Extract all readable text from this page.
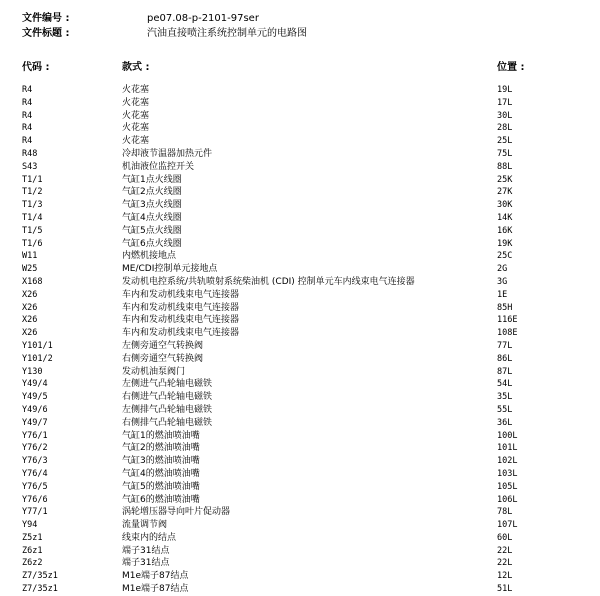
文件编号 :	pe07.08-p-2101-97ser
文件标题 :	汽油直接喷注系统控制单元的电路图
代码 :	款式 :	位置 :
R4	火花塞	19L
R4	火花塞	17L
R4	火花塞	30L
R4	火花塞	28L
R4	火花塞	25L
R48	冷却液节温器加热元件	75L
S43	机油液位监控开关	88L
T1/1	气缸1点火线圈	25K
T1/2	气缸2点火线圈	27K
T1/3	气缸3点火线圈	30K
T1/4	气缸4点火线圈	14K
T1/5	气缸5点火线圈	16K
T1/6	气缸6点火线圈	19K
W11	内燃机接地点	25C
W25	ME/CDI控制单元接地点	2G
X168	发动机电控系统/共轨喷射系统柴油机 (CDI) 控制单元车内线束电气连接器	3G
X26	车内和发动机线束电气连接器	1E
X26	车内和发动机线束电气连接器	85H
X26	车内和发动机线束电气连接器	116E
X26	车内和发动机线束电气连接器	108E
Y101/1	左侧旁通空气转换阀	77L
Y101/2	右侧旁通空气转换阀	86L
Y130	发动机油泵阀门	87L
Y49/4	左侧进气凸轮轴电磁铁	54L
Y49/5	右侧进气凸轮轴电磁铁	35L
Y49/6	左侧排气凸轮轴电磁铁	55L
Y49/7	右侧排气凸轮轴电磁铁	36L
Y76/1	气缸1的燃油喷油嘴	100L
Y76/2	气缸2的燃油喷油嘴	101L
Y76/3	气缸3的燃油喷油嘴	102L
Y76/4	气缸4的燃油喷油嘴	103L
Y76/5	气缸5的燃油喷油嘴	105L
Y76/6	气缸6的燃油喷油嘴	106L
Y77/1	涡轮增压器导向叶片促动器	78L
Y94	流量调节阀	107L
Z5z1	线束内的结点	60L
Z6z1	端子31结点	22L
Z6z2	端子31结点	22L
Z7/35z1	M1e端子87结点	12L
Z7/35z1	M1e端子87结点	51L
